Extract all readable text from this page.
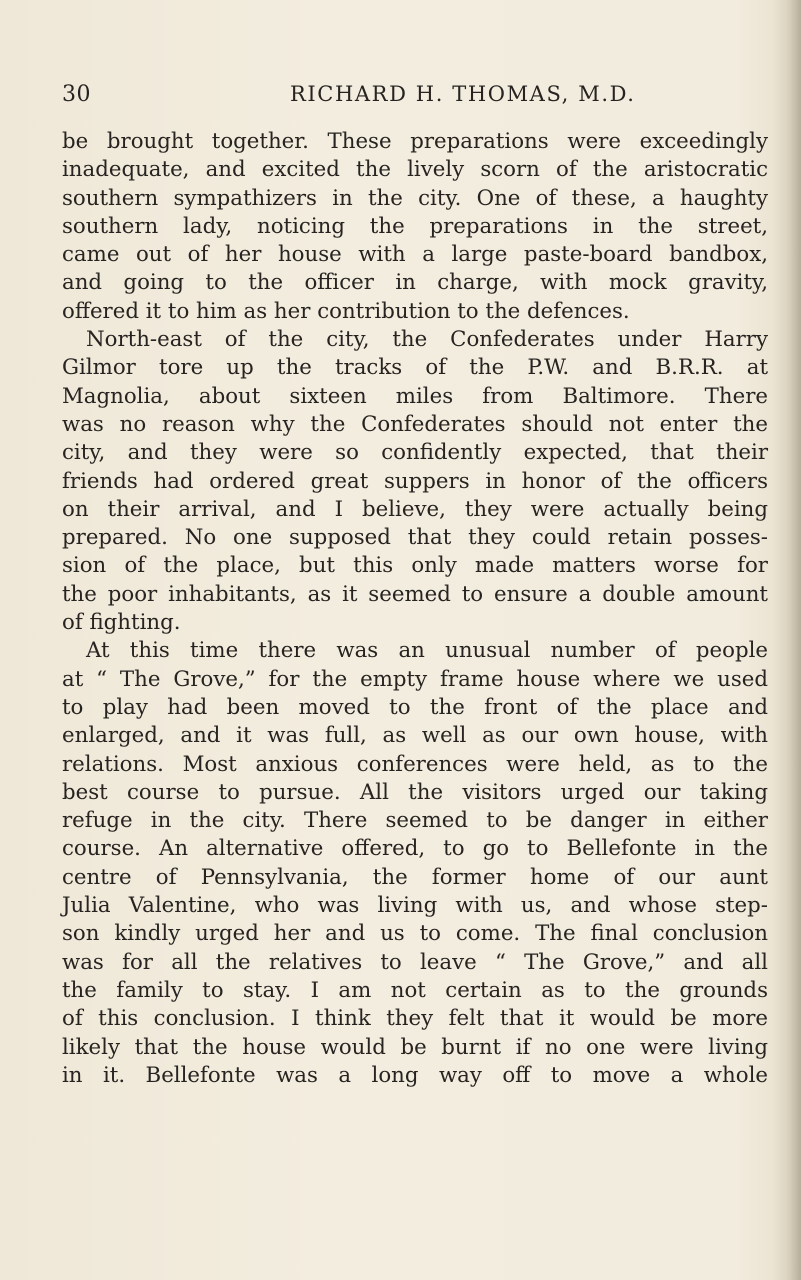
30	RICHARD H. THOMAS, M.D.
be brought together. These preparations were exceedingly
inadequate, and excited the lively scorn of the aristocratic
southern sympathizers in the city. One of these, a haughty
southern lady, noticing the preparations in the street,
came out of her house with a large paste-board bandbox,
and going to the officer in charge, with mock gravity,
offered it to him as her contribution to the defences.
North-east of the city, the Confederates under Harry
Gilmor tore up the tracks of the P.W. and B.R.R. at
Magnolia, about sixteen miles from Baltimore. There
was no reason why the Confederates should not enter the
city, and they were so confidently expected, that their
friends had ordered great suppers in honor of the officers
on their arrival, and I believe, they were actually being
prepared. No one supposed that they could retain posses-
sion of the place, but this only made matters worse for
the poor inhabitants, as it seemed to ensure a double amount
of fighting.
At this time there was an unusual number of people
at “ The Grove,” for the empty frame house where we used
to play had been moved to the front of the place and
enlarged, and it was full, as well as our own house, with
relations. Most anxious conferences were held, as to the
best course to pursue. All the visitors urged our taking
refuge in the city. There seemed to be danger in either
course. An alternative offered, to go to Bellefonte in the
centre of Pennsylvania, the former home of our aunt
Julia Valentine, who was living with us, and whose step-
son kindly urged her and us to come. The final conclusion
was for all the relatives to leave “ The Grove,” and all
the family to stay. I am not certain as to the grounds
of this conclusion. I think they felt that it would be more
likely that the house would be burnt if no one were living
in it. Bellefonte was a long way off to move a whole
